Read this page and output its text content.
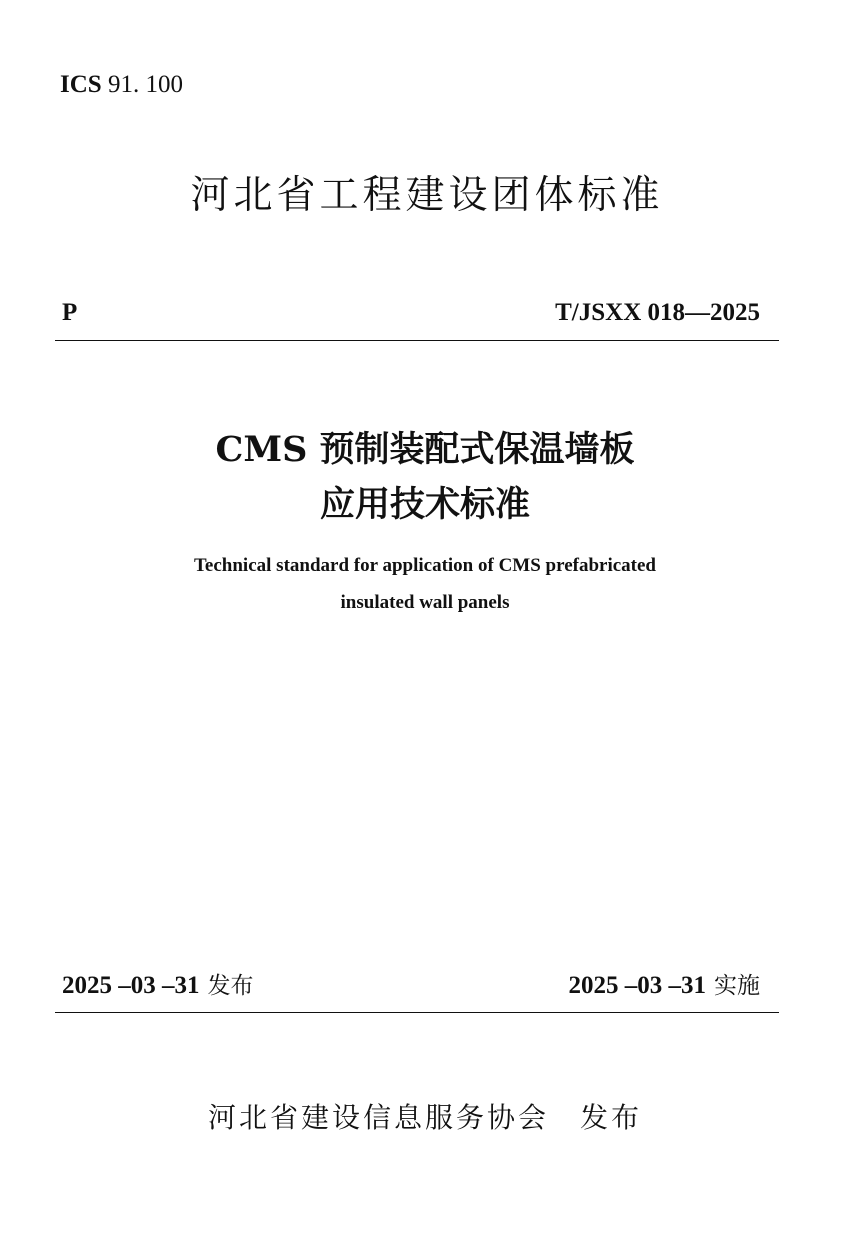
ICS 91. 100
河北省工程建设团体标准
P	T/JSXX 018—2025
CMS 预制装配式保温墙板
应用技术标准
Technical standard for application of CMS prefabricated
insulated wall panels
2025 –03 –31 发布	2025 –03 –31 实施
河北省建设信息服务协会　发布
